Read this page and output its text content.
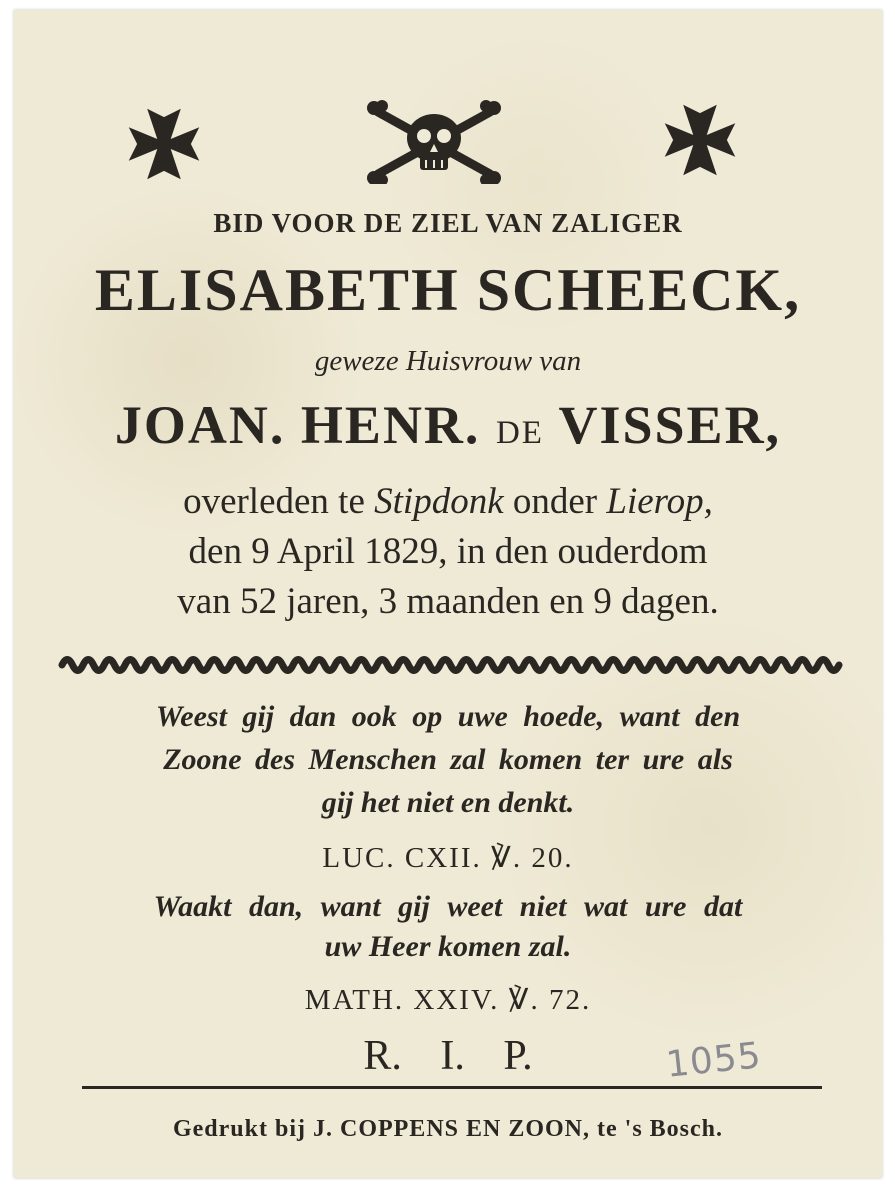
BID VOOR DE ZIEL VAN ZALIGER
ELISABETH SCHEECK,
geweze Huisvrouw van
JOAN. HENR. DE VISSER,
overleden te Stipdonk onder Lierop,
den 9 April 1829, in den ouderdom
van 52 jaren, 3 maanden en 9 dagen.
Weest gij dan ook op uwe hoede, want den
Zoone des Menschen zal komen ter ure als
gij het niet en denkt.
LUC. CXII. ℣. 20.
Waakt dan, want gij weet niet wat ure dat
uw Heer komen zal.
MATH. XXIV. ℣. 72.
R. I. P.	1055
Gedrukt bij J. COPPENS EN ZOON, te 's Bosch.
